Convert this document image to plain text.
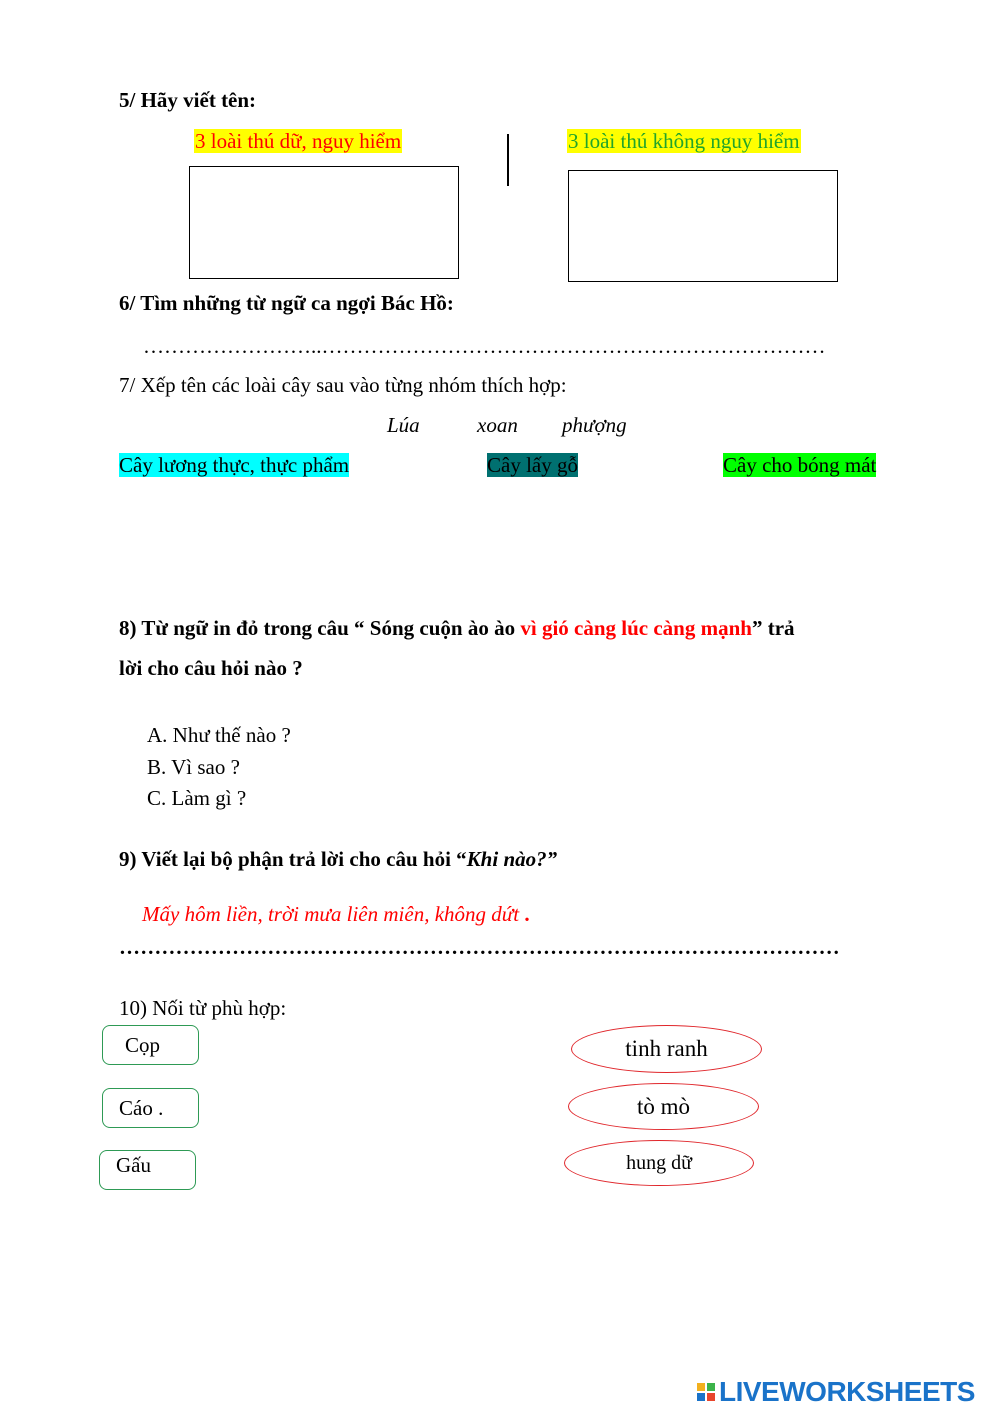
5/ Hãy viết tên:
3 loài thú dữ, nguy hiểm	3 loài thú không nguy hiểm
6/ Tìm những từ ngữ ca ngợi Bác Hồ:
……………………..………………………………………………………………
7/ Xếp tên các loài cây sau vào từng nhóm thích hợp:
Lúa	xoan phượng
Cây lương thực, thực phẩm	Cây lấy gỗ	Cây cho bóng mát
8) Từ ngữ in đỏ trong câu “ Sóng cuộn ào ào vì gió càng lúc càng mạnh” trả
lời cho câu hỏi nào ?
A. Như thế nào ?
B. Vì sao ?
C. Làm gì ?
9) Viết lại bộ phận trả lời cho câu hỏi “Khi nào?”
Mấy hôm liền, trời mưa liên miên, không dứt .
…………………………………………………………………………………………
10) Nối từ phù hợp:
Cọp
Cáo .
Gấu
tinh ranh
tò mò
hung dữ
LIVEWORKSHEETS
